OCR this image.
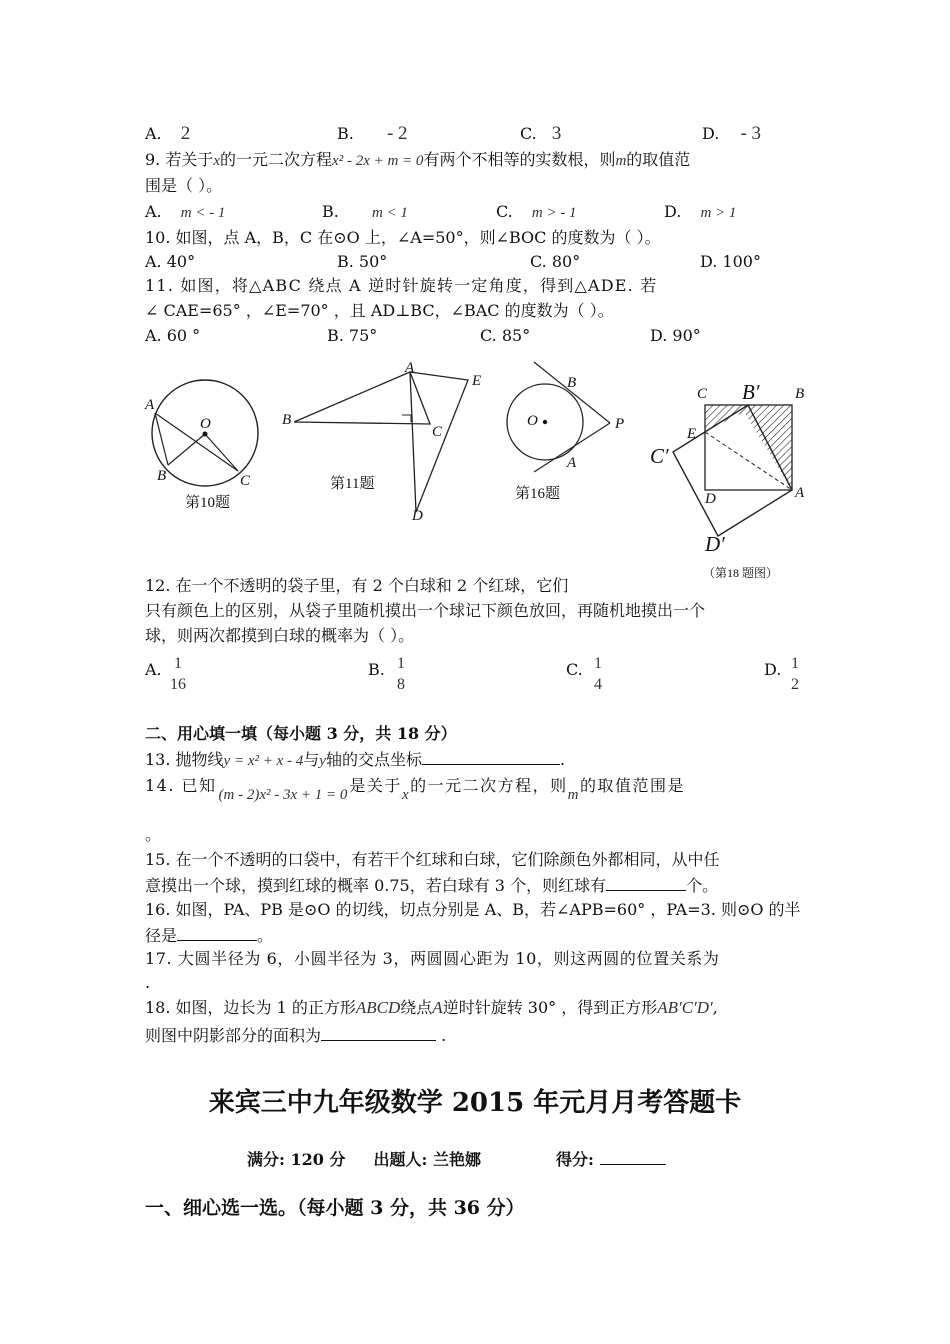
A. 2	B. - 2	C. 3	D. - 3
9. 若关于x的一元二次方程x² - 2x + m = 0有两个不相等的实数根，则m的取值范
围是（ ）。
A. m < - 1	B. m < 1	C. m > - 1	D. m > 1
10. 如图，点 A，B，C 在⊙O 上，∠A=50°，则∠BOC 的度数为（ ）。
A. 40°	B. 50°	C. 80°	D. 100°
11. 如图，将△ABC 绕点 A 逆时针旋转一定角度，得到△ADE. 若
∠ CAE=65° ，∠E=70° ，且 AD⊥BC，∠BAC 的度数为（ ）。
A. 60 °	B. 75°	C. 85°	D. 90°
A
B	C
O
第10题
A
B
C
D
E
第11题
O
B
A
P
第16题
C B′ B
E
C′
D	A
D′
（第18 题图）
12. 在一个不透明的袋子里，有 2 个白球和 2 个红球，它们
只有颜色上的区别，从袋子里随机摸出一个球记下颜色放回，再随机地摸出一个
球，则两次都摸到白球的概率为（ ）。
A. 1
16
B. 1
8
C. 1
4
D. 1
2
二、用心填一填（每小题 3 分，共 18 分）
13. 抛物线y = x² + x - 4与y轴的交点坐标	.
14. 已知 (m - 2)x² - 3x + 1 = 0 是关于x的一元二次方程，则m的取值范围是
。
15. 在一个不透明的口袋中，有若干个红球和白球，它们除颜色外都相同，从中任
意摸出一个球，摸到红球的概率 0.75，若白球有 3 个，则红球有	个。
16. 如图，PA、PB 是⊙O 的切线，切点分别是 A、B，若∠APB=60° ，PA=3. 则⊙O 的半
径是	。
17. 大圆半径为 6，小圆半径为 3，两圆圆心距为 10，则这两圆的位置关系为
.
18. 如图，边长为 1 的正方形ABCD绕点A逆时针旋转 30° ，得到正方形AB′C′D′,
则图中阴影部分的面积为	.
来宾三中九年级数学 2015 年元月月考答题卡
满分: 120 分 出题人: 兰艳娜	得分:
一、细心选一选。（每小题 3 分，共 36 分）
